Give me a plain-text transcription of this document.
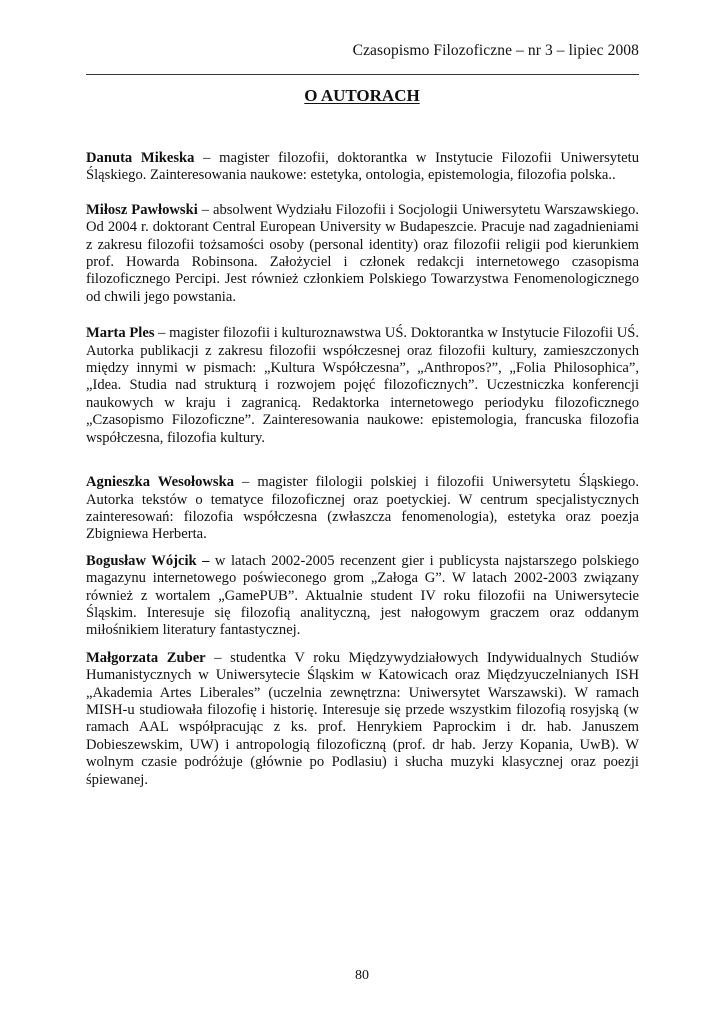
Czasopismo Filozoficzne – nr 3 – lipiec 2008
O AUTORACH

Danuta Mikeska – magister filozofii, doktorantka w Instytucie Filozofii Uniwersytetu Śląskiego. Zainteresowania naukowe: estetyka, ontologia, epistemologia, filozofia polska..

Miłosz Pawłowski – absolwent Wydziału Filozofii i Socjologii Uniwersytetu Warszawskiego. Od 2004 r. doktorant Central European University w Budapeszcie. Pracuje nad zagadnieniami z zakresu filozofii tożsamości osoby (personal identity) oraz filozofii religii pod kierunkiem prof. Howarda Robinsona. Założyciel i członek redakcji internetowego czasopisma filozoficznego Percipi. Jest również członkiem Polskiego Towarzystwa Fenomenologicznego od chwili jego powstania.

Marta Ples – magister filozofii i kulturoznawstwa UŚ. Doktorantka w Instytucie Filozofii UŚ. Autorka publikacji z zakresu filozofii współczesnej oraz filozofii kultury, zamieszczonych między innymi w pismach: „Kultura Współczesna”, „Anthropos?”, „Folia Philosophica”, „Idea. Studia nad strukturą i rozwojem pojęć filozoficznych”. Uczestniczka konferencji naukowych w kraju i zagranicą. Redaktorka internetowego periodyku filozoficznego „Czasopismo Filozoficzne”. Zainteresowania naukowe: epistemologia, francuska filozofia współczesna, filozofia kultury.

Agnieszka Wesołowska – magister filologii polskiej i filozofii Uniwersytetu Śląskiego. Autorka tekstów o tematyce filozoficznej oraz poetyckiej. W centrum specjalistycznych zainteresowań: filozofia współczesna (zwłaszcza fenomenologia), estetyka oraz poezja Zbigniewa Herberta.

Bogusław Wójcik – w latach 2002-2005 recenzent gier i publicysta najstarszego polskiego magazynu internetowego poświeconego grom „Załoga G”. W latach 2002-2003 związany również z wortalem „GamePUB”. Aktualnie student IV roku filozofii na Uniwersytecie Śląskim. Interesuje się filozofią analityczną, jest nałogowym graczem oraz oddanym miłośnikiem literatury fantastycznej.

Małgorzata Zuber – studentka V roku Międzywydziałowych Indywidualnych Studiów Humanistycznych w Uniwersytecie Śląskim w Katowicach oraz Międzyuczelnianych ISH „Akademia Artes Liberales” (uczelnia zewnętrzna: Uniwersytet Warszawski). W ramach MISH-u studiowała filozofię i historię. Interesuje się przede wszystkim filozofią rosyjską (w ramach AAL współpracując z ks. prof. Henrykiem Paprockim i dr. hab. Januszem Dobieszewskim, UW) i antropologią filozoficzną (prof. dr hab. Jerzy Kopania, UwB). W wolnym czasie podróżuje (głównie po Podlasiu) i słucha muzyki klasycznej oraz poezji śpiewanej.

80
